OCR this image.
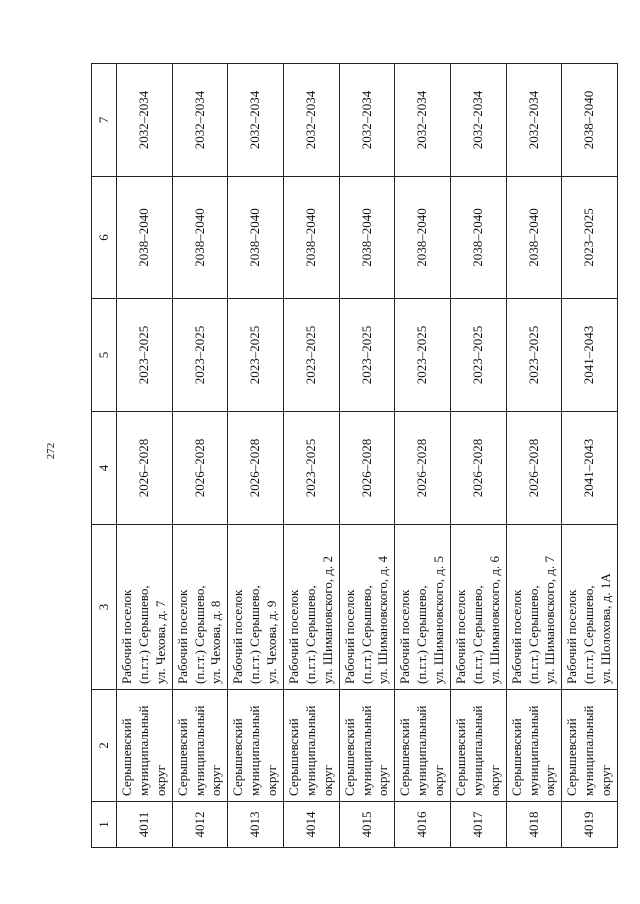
272
1	2	3	4	5	6	7
4011	Серышевский муниципальный округ	Рабочий поселок (п.г.т.) Серышево, ул. Чехова, д. 7	2026–2028	2023–2025	2038–2040	2032–2034
4012	Серышевский муниципальный округ	Рабочий поселок (п.г.т.) Серышево, ул. Чехова, д. 8	2026–2028	2023–2025	2038–2040	2032–2034
4013	Серышевский муниципальный округ	Рабочий поселок (п.г.т.) Серышево, ул. Чехова, д. 9	2026–2028	2023–2025	2038–2040	2032–2034
4014	Серышевский муниципальный округ	Рабочий поселок (п.г.т.) Серышево, ул. Шимановского, д. 2	2023–2025	2023–2025	2038–2040	2032–2034
4015	Серышевский муниципальный округ	Рабочий поселок (п.г.т.) Серышево, ул. Шимановского, д. 4	2026–2028	2023–2025	2038–2040	2032–2034
4016	Серышевский муниципальный округ	Рабочий поселок (п.г.т.) Серышево, ул. Шимановского, д. 5	2026–2028	2023–2025	2038–2040	2032–2034
4017	Серышевский муниципальный округ	Рабочий поселок (п.г.т.) Серышево, ул. Шимановского, д. 6	2026–2028	2023–2025	2038–2040	2032–2034
4018	Серышевский муниципальный округ	Рабочий поселок (п.г.т.) Серышево, ул. Шимановского, д. 7	2026–2028	2023–2025	2038–2040	2032–2034
4019	Серышевский муниципальный округ	Рабочий поселок (п.г.т.) Серышево, ул. Шолохова, д. 1А	2041–2043	2041–2043	2023–2025	2038–2040
